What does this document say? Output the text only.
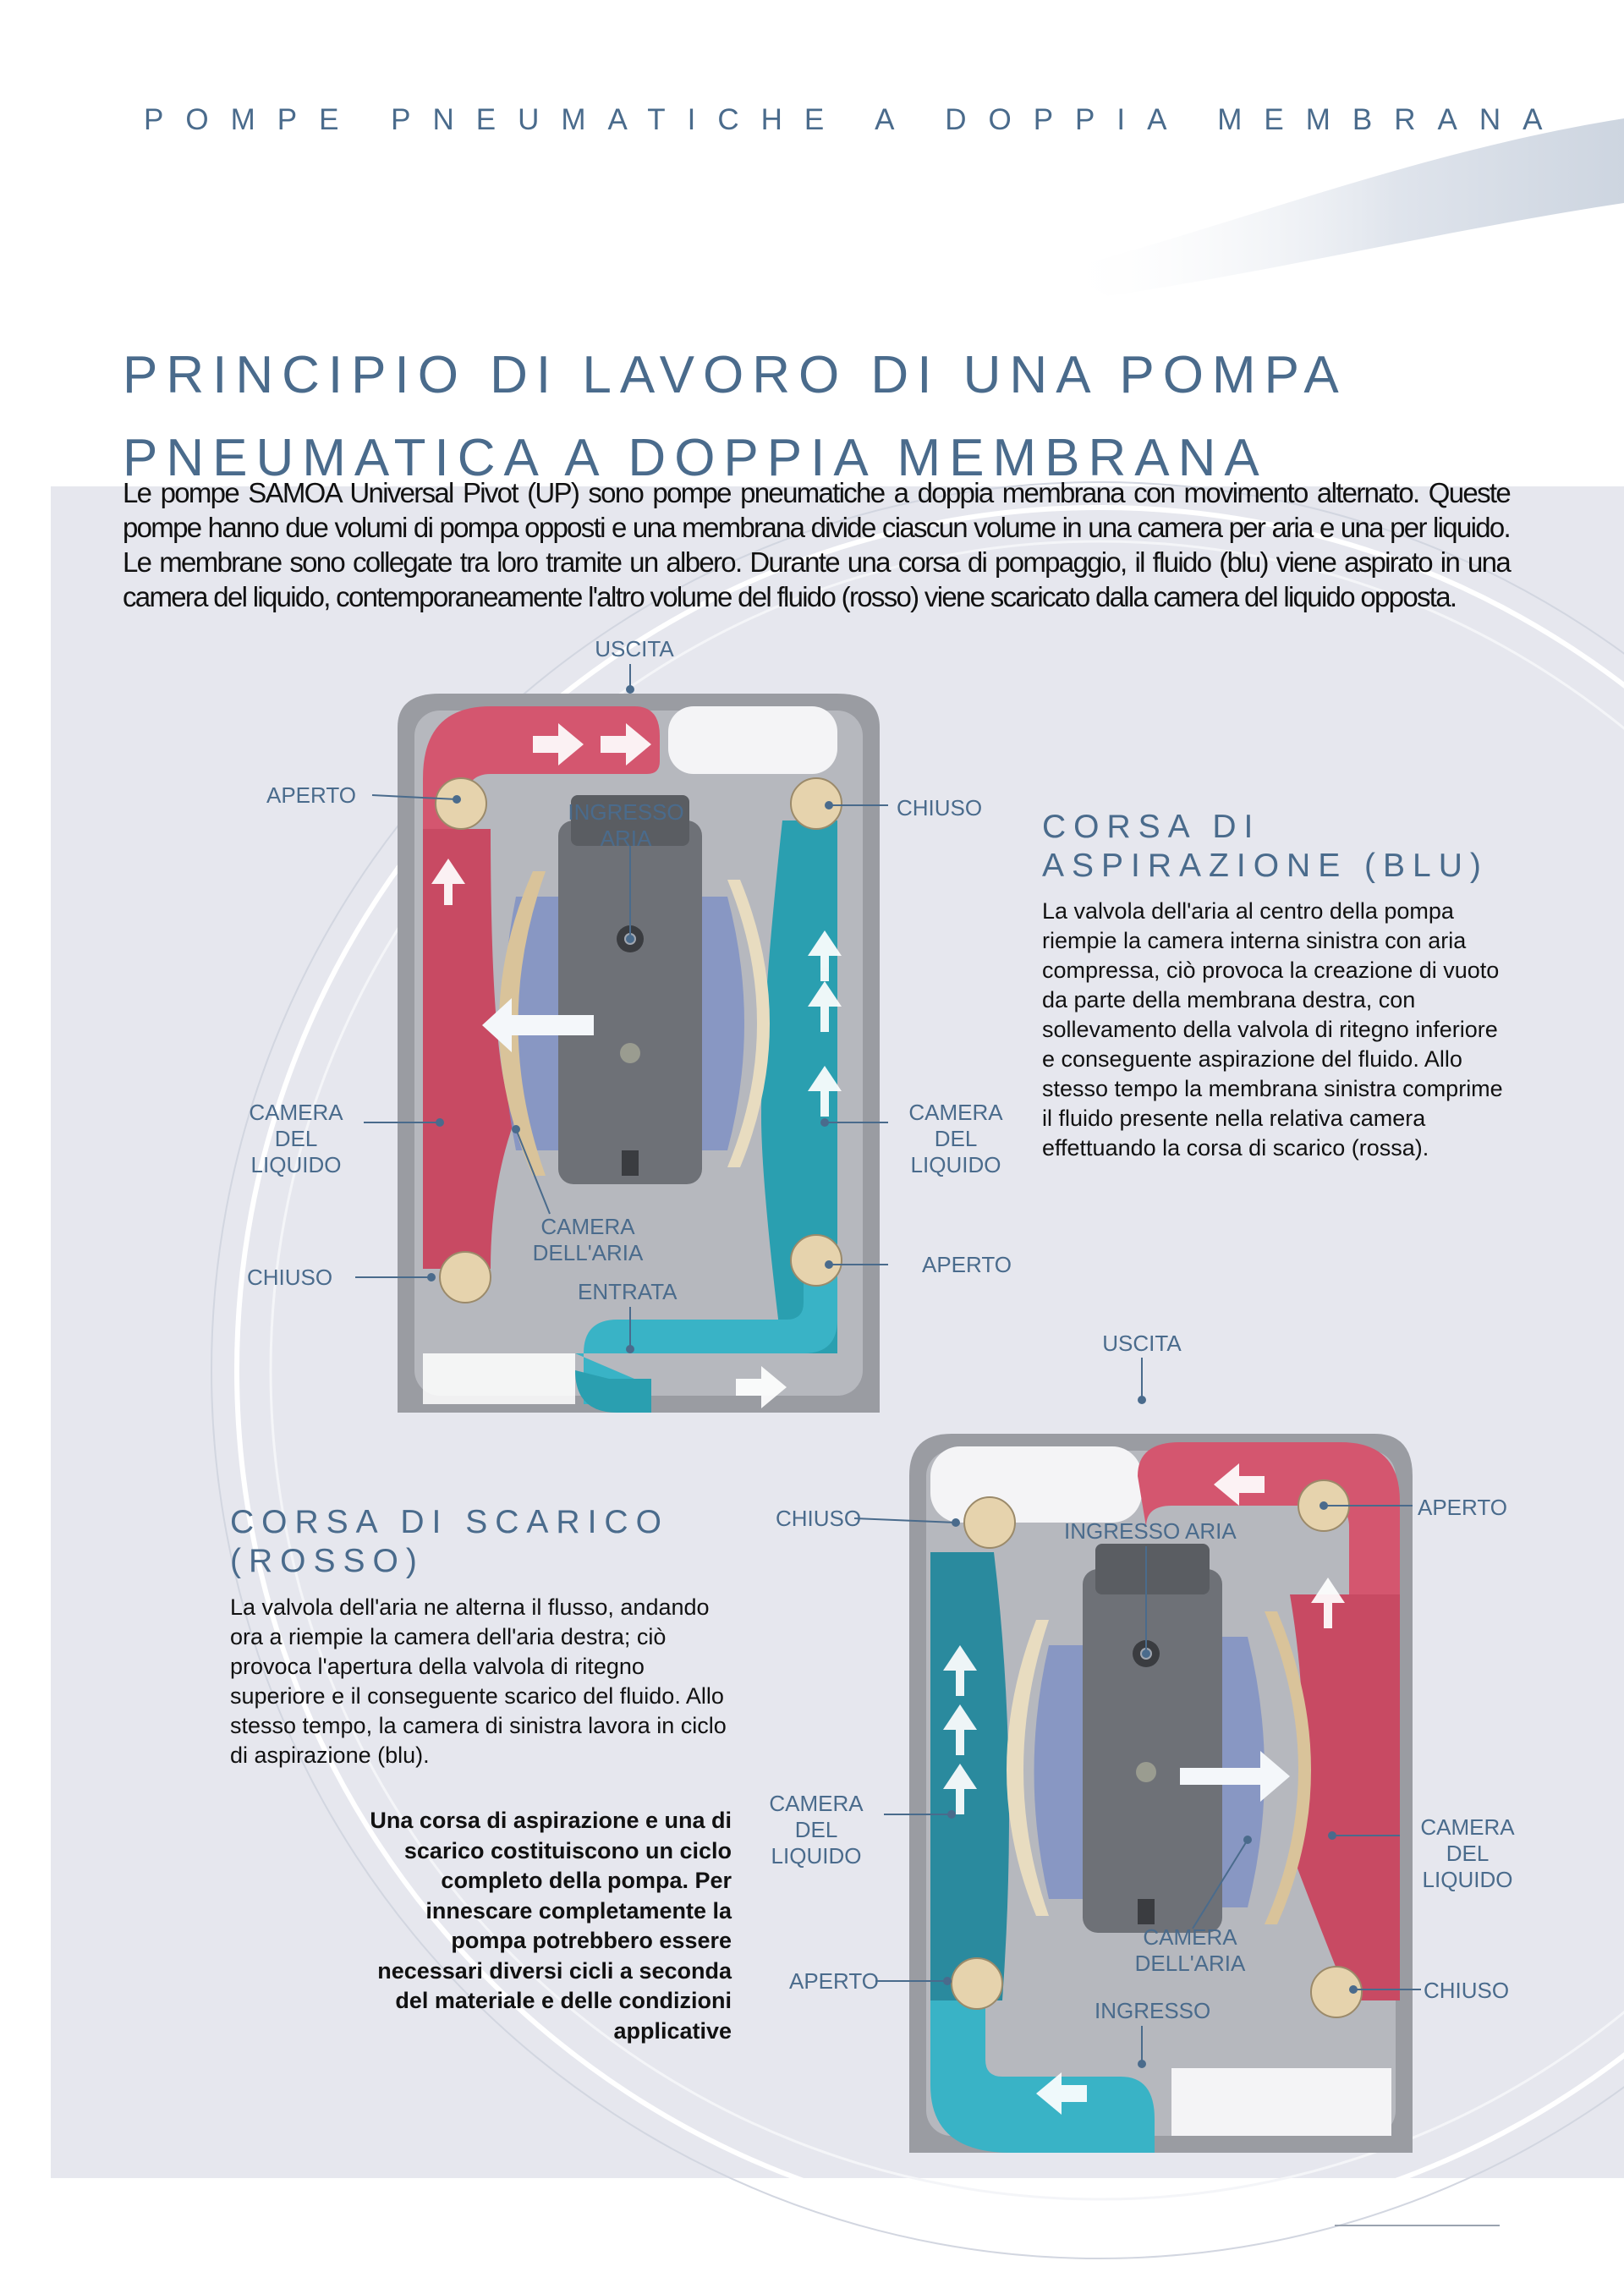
POMPE PNEUMATICHE A DOPPIA MEMBRANA
PRINCIPIO DI LAVORO DI UNA POMPA
PNEUMATICA A DOPPIA MEMBRANA
Le pompe SAMOA Universal Pivot (UP) sono pompe pneumatiche a doppia membrana con movimento alternato. Queste pompe hanno due volumi di pompa opposti e una membrana divide ciascun volume in una camera per aria e una per liquido. Le membrane sono collegate tra loro tramite un albero. Durante una corsa di pompaggio, il fluido (blu) viene aspirato in una camera del liquido, contemporaneamente l'altro volume del fluido (rosso) viene scaricato dalla camera del liquido opposta.
USCITA
APERTO
INGRESSO ARIA
CHIUSO
CAMERA DEL LIQUIDO
CAMERA DEL LIQUIDO
CAMERA DELL'ARIA
CHIUSO
ENTRATA
APERTO
CORSA DI
ASPIRAZIONE (BLU)
La valvola dell'aria al centro della pompa riempie la camera interna sinistra con aria compressa, ciò provoca la creazione di vuoto da parte della membrana destra, con sollevamento della valvola di ritegno inferiore e conseguente aspirazione del fluido. Allo stesso tempo la membrana sinistra comprime il fluido presente nella relativa camera effettuando la corsa di scarico (rossa).
CORSA DI SCARICO
(ROSSO)
La valvola dell'aria ne alterna il flusso, andando ora a riempie la camera dell'aria destra; ciò provoca l'apertura della valvola di ritegno superiore e il conseguente scarico del fluido. Allo stesso tempo, la camera di sinistra lavora in ciclo di aspirazione (blu).
Una corsa di aspirazione e una di scarico costituiscono un ciclo completo della pompa. Per innescare completamente la pompa potrebbero essere necessari diversi cicli a seconda del materiale e delle condizioni applicative
USCITA
CHIUSO	INGRESSO ARIA
APERTO
CAMERA DEL LIQUIDO
CAMERA DEL LIQUIDO
CAMERA DELL'ARIA
APERTO
INGRESSO
CHIUSO
